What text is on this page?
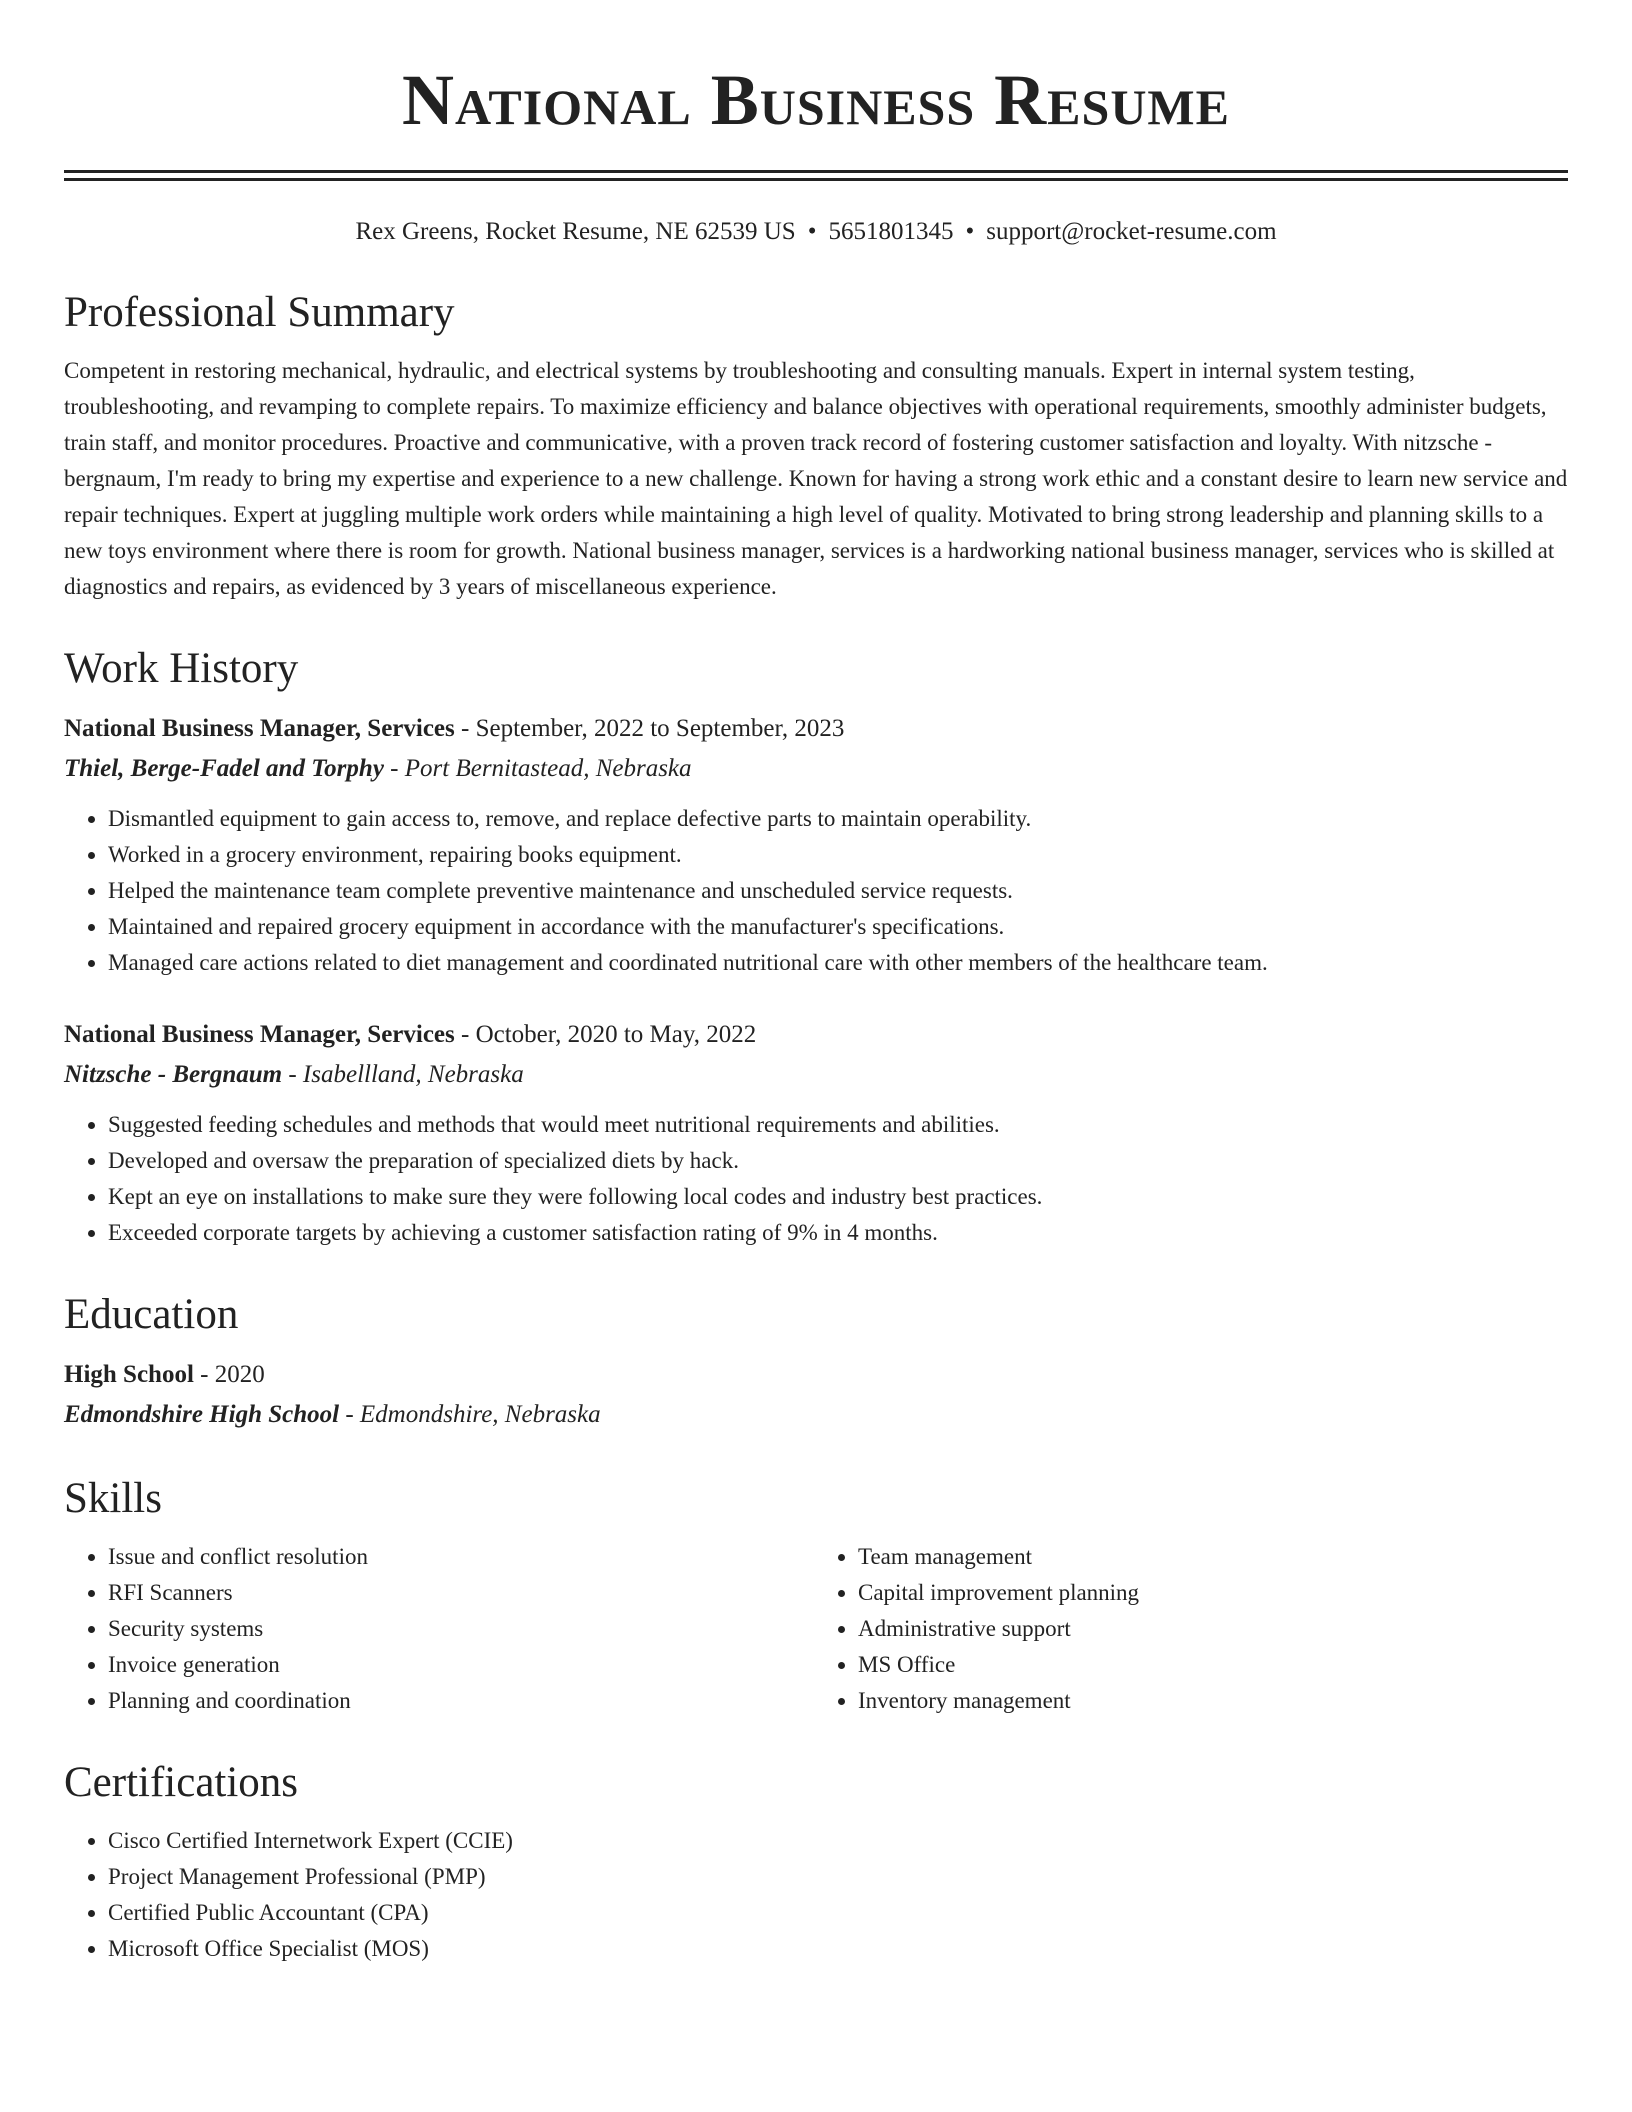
National Business Resume
Rex Greens, Rocket Resume, NE 62539 US • 5651801345 • support@rocket-resume.com
Professional Summary

Competent in restoring mechanical, hydraulic, and electrical systems by troubleshooting and consulting manuals. Expert in internal system testing, troubleshooting, and revamping to complete repairs. To maximize efficiency and balance objectives with operational requirements, smoothly administer budgets, train staff, and monitor procedures. Proactive and communicative, with a proven track record of fostering customer satisfaction and loyalty. With nitzsche - bergnaum, I'm ready to bring my expertise and experience to a new challenge. Known for having a strong work ethic and a constant desire to learn new service and repair techniques. Expert at juggling multiple work orders while maintaining a high level of quality. Motivated to bring strong leadership and planning skills to a new toys environment where there is room for growth. National business manager, services is a hardworking national business manager, services who is skilled at diagnostics and repairs, as evidenced by 3 years of miscellaneous experience.

Work History

National Business Manager, Services - September, 2022 to September, 2023

Thiel, Berge-Fadel and Torphy - Port Bernitastead, Nebraska

• Dismantled equipment to gain access to, remove, and replace defective parts to maintain operability.
• Worked in a grocery environment, repairing books equipment.
• Helped the maintenance team complete preventive maintenance and unscheduled service requests.
• Maintained and repaired grocery equipment in accordance with the manufacturer's specifications.
• Managed care actions related to diet management and coordinated nutritional care with other members of the healthcare team.

National Business Manager, Services - October, 2020 to May, 2022

Nitzsche - Bergnaum - Isabellland, Nebraska

• Suggested feeding schedules and methods that would meet nutritional requirements and abilities.
• Developed and oversaw the preparation of specialized diets by hack.
• Kept an eye on installations to make sure they were following local codes and industry best practices.
• Exceeded corporate targets by achieving a customer satisfaction rating of 9% in 4 months.
Education

High School - 2020

Edmondshire High School - Edmondshire, Nebraska

Skills
• Issue and conflict resolution
• RFI Scanners
• Security systems
• Invoice generation
• Planning and coordination
• Team management
• Capital improvement planning
• Administrative support
• MS Office
• Inventory management
Certifications
• Cisco Certified Internetwork Expert (CCIE)
• Project Management Professional (PMP)
• Certified Public Accountant (CPA)
• Microsoft Office Specialist (MOS)
